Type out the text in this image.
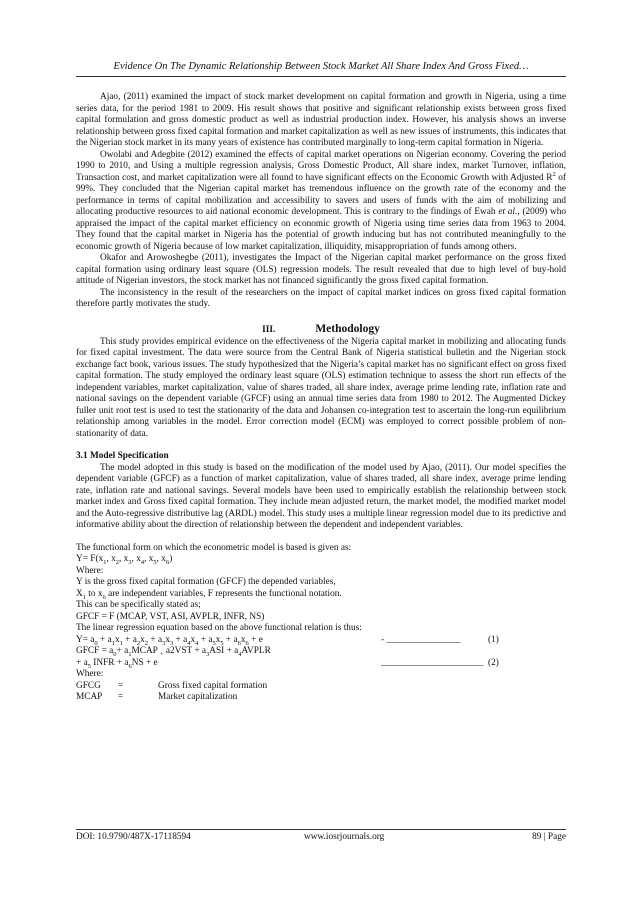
Evidence On The Dynamic Relationship Between Stock Market All Share Index And Gross Fixed…

Ajao, (2011) examined the impact of stock market development on capital formation and growth in Nigeria, using a time series data, for the period 1981 to 2009. His result shows that positive and significant relationship exists between gross fixed capital formulation and gross domestic product as well as industrial production index. However, his analysis shows an inverse relationship between gross fixed capital formation and market capitalization as well as new issues of instruments, this indicates that the Nigerian stock market in its many years of existence has contributed marginally to long-term capital formation in Nigeria.

Owolabi and Adegbite (2012) examined the effects of capital market operations on Nigerian economy. Covering the period 1990 to 2010, and Using a multiple regression analysis, Gross Domestic Product, All share index, market Turnover, inflation, Transaction cost, and market capitalization were all found to have significant effects on the Economic Growth with Adjusted $R^2$ of 99%. They concluded that the Nigerian capital market has tremendous influence on the growth rate of the economy and the performance in terms of capital mobilization and accessibility to savers and users of funds with the aim of mobilizing and allocating productive resources to aid national economic development. This is contrary to the findings of Ewah et al., (2009) who appraised the impact of the capital market efficiency on economic growth of Nigeria using time series data from 1963 to 2004. They found that the capital market in Nigeria has the potential of growth inducing but has not contributed meaningfully to the economic growth of Nigeria because of low market capitalization, illiquidity, misappropriation of funds among others.

Okafor and Arowoshegbe (2011), investigates the Impact of the Nigerian capital market performance on the gross fixed capital formation using ordinary least square (OLS) regression models. The result revealed that due to high level of buy-hold attitude of Nigerian investors, the stock market has not financed significantly the gross fixed capital formation.

The inconsistency in the result of the researchers on the impact of capital market indices on gross fixed capital formation therefore partly motivates the study.

III.	Methodology

This study provides empirical evidence on the effectiveness of the Nigeria capital market in mobilizing and allocating funds for fixed capital investment. The data were source from the Central Bank of Nigeria statistical bulletin and the Nigerian stock exchange fact book, various issues. The study hypothesized that the Nigeria’s capital market has no significant effect on gross fixed capital formation. The study employed the ordinary least square (OLS) estimation technique to assess the short run effects of the independent variables, market capitalization, value of shares traded, all share index, average prime lending rate, inflation rate and national savings on the dependent variable (GFCF) using an annual time series data from 1980 to 2012. The Augmented Dickey fuller unit root test is used to test the stationarity of the data and Johansen co-integration test to ascertain the long-run equilibrium relationship among variables in the model. Error correction model (ECM) was employed to correct possible problem of non-stationarity of data.

3.1 Model Specification

The model adopted in this study is based on the modification of the model used by Ajao, (2011). Our model specifies the dependent variable (GFCF) as a function of market capitalization, value of shares traded, all share index, average prime lending rate, inflation rate and national savings. Several models have been used to empirically establish the relationship between stock market index and Gross fixed capital formation. They include mean adjusted return, the market model, the modified market model and the Auto-regressive distributive lag (ARDL) model. This study uses a multiple linear regression model due to its predictive and informative ability about the direction of relationship between the dependent and independent variables.

The functional form on which the econometric model is based is given as:

$Y= F(x_1$, $x_2$, $x_3$, $x_4$, $x_5$, $x_6$)

Where:

Y is the gross fixed capital formation (GFCF) the depended variables,

$X_1$ to $x_6$ are independent variables, F represents the functional notation.

This can be specifically stated as;

GFCF = F (MCAP, VST, ASI, AVPLR, INFR, NS)

The linear regression equation based on the above functional relation is thus:

$Y= a_0 + a_1x_1 + a_2x_2 + a_3x_3 + a_4x_4 + a_5x_5 + a_6x_6 + e$	- ________________	(1)

GFCF = $a_0+$ $a_1MCAP$ $_+$ $a2VST + a_3ASI$ + $a_4AVPLR$

+ $a_5$ INFR + $a_6NS + e$	______________________ (2)

Where:

GFCG =	Gross fixed capital formation

MCAP =	Market capitalization

DOI: 10.9790/487X-17118594	www.iosrjournals.org	89 | Page
